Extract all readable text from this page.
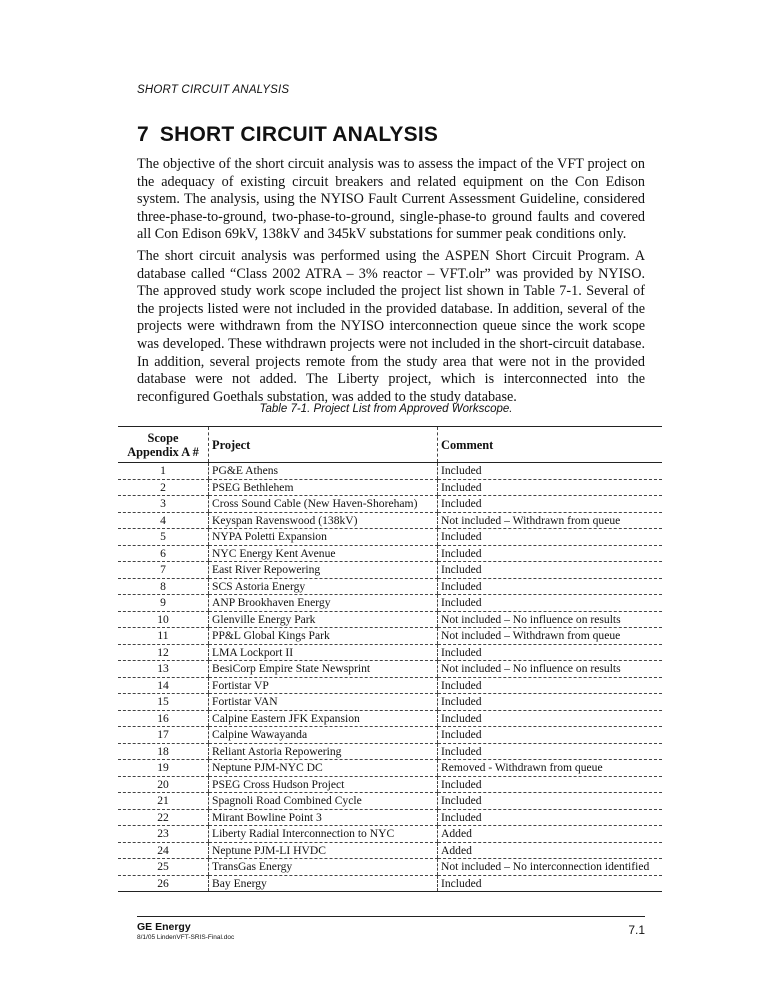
SHORT CIRCUIT ANALYSIS
7 SHORT CIRCUIT ANALYSIS

The objective of the short circuit analysis was to assess the impact of the VFT project on the adequacy of existing circuit breakers and related equipment on the Con Edison system. The analysis, using the NYISO Fault Current Assessment Guideline, considered three-phase-to-ground, two-phase-to-ground, single-phase-to ground faults and covered all Con Edison 69kV, 138kV and 345kV substations for summer peak conditions only.

The short circuit analysis was performed using the ASPEN Short Circuit Program. A database called “Class 2002 ATRA – 3% reactor – VFT.olr” was provided by NYISO. The approved study work scope included the project list shown in Table 7-1. Several of the projects listed were not included in the provided database. In addition, several of the projects were withdrawn from the NYISO interconnection queue since the work scope was developed. These withdrawn projects were not included in the short-circuit database. In addition, several projects remote from the study area that were not in the provided database were not added. The Liberty project, which is interconnected into the reconfigured Goethals substation, was added to the study database.

Table 7-1. Project List from Approved Workscope.
Scope
Appendix A #	Project	Comment
1	PG&E Athens	Included
2	PSEG Bethlehem	Included
3	Cross Sound Cable (New Haven-Shoreham)	Included
4	Keyspan Ravenswood (138kV)	Not included – Withdrawn from queue
5	NYPA Poletti Expansion	Included
6	NYC Energy Kent Avenue	Included
7	East River Repowering	Included
8	SCS Astoria Energy	Included
9	ANP Brookhaven Energy	Included
10	Glenville Energy Park	Not included – No influence on results
11	PP&L Global Kings Park	Not included – Withdrawn from queue
12	LMA Lockport II	Included
13	BesiCorp Empire State Newsprint	Not included – No influence on results
14	Fortistar VP	Included
15	Fortistar VAN	Included
16	Calpine Eastern JFK Expansion	Included
17	Calpine Wawayanda	Included
18	Reliant Astoria Repowering	Included
19	Neptune PJM-NYC DC	Removed - Withdrawn from queue
20	PSEG Cross Hudson Project	Included
21	Spagnoli Road Combined Cycle	Included
22	Mirant Bowline Point 3	Included
23	Liberty Radial Interconnection to NYC	Added
24	Neptune PJM-LI HVDC	Added
25	TransGas Energy	Not included – No interconnection identified
26	Bay Energy	Included
GE Energy
8/1/05 LindenVFT-SRIS-Final.doc
7.1
